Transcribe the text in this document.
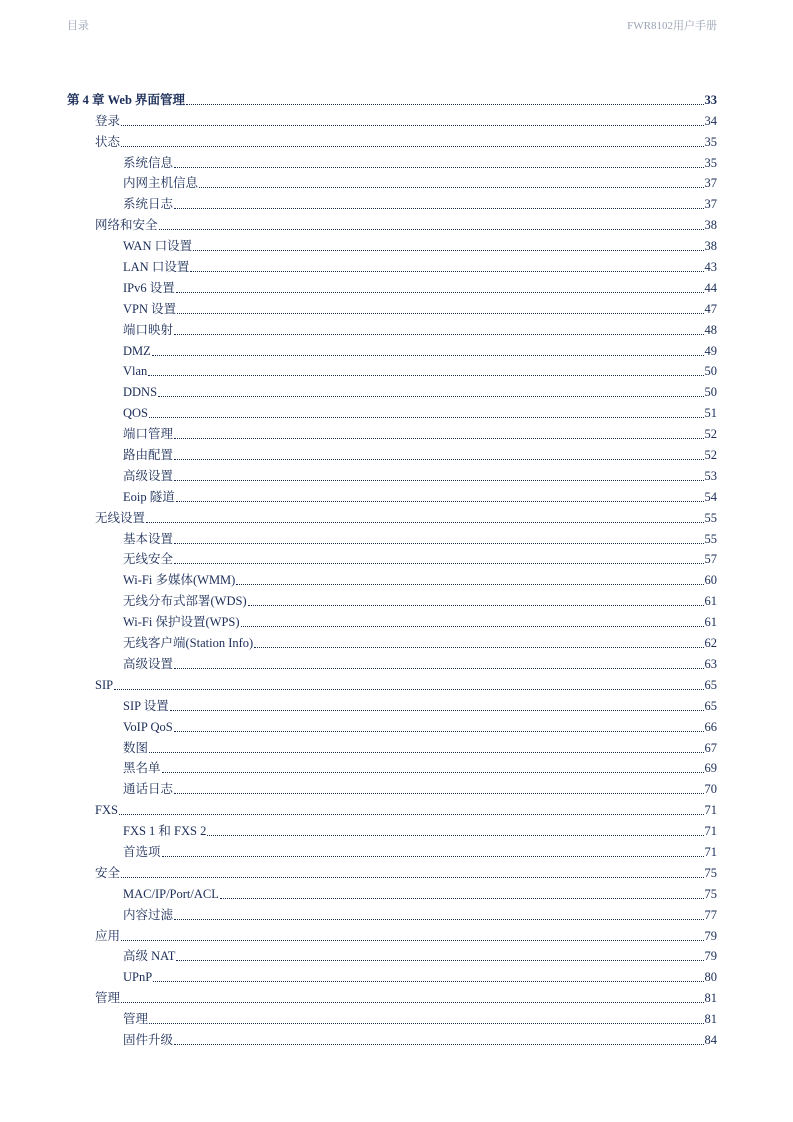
目录	FWR8102用户手册
第 4 章 Web 界面管理	33
登录	34
状态	35
系统信息	35
内网主机信息	37
系统日志	37
网络和安全	38
WAN 口设置	38
LAN 口设置	43
IPv6 设置	44
VPN 设置	47
端口映射	48
DMZ	49
Vlan	50
DDNS	50
QOS	51
端口管理	52
路由配置	52
高级设置	53
Eoip 隧道	54
无线设置	55
基本设置	55
无线安全	57
Wi-Fi 多媒体(WMM)	60
无线分布式部署(WDS)	61
Wi-Fi 保护设置(WPS)	61
无线客户端(Station Info)	62
高级设置	63
SIP	65
SIP 设置	65
VoIP QoS	66
数图	67
黑名单	69
通话日志	70
FXS	71
FXS 1 和 FXS 2	71
首选项	71
安全	75
MAC/IP/Port/ACL	75
内容过滤	77
应用	79
高级 NAT	79
UPnP	80
管理	81
管理	81
固件升级	84
